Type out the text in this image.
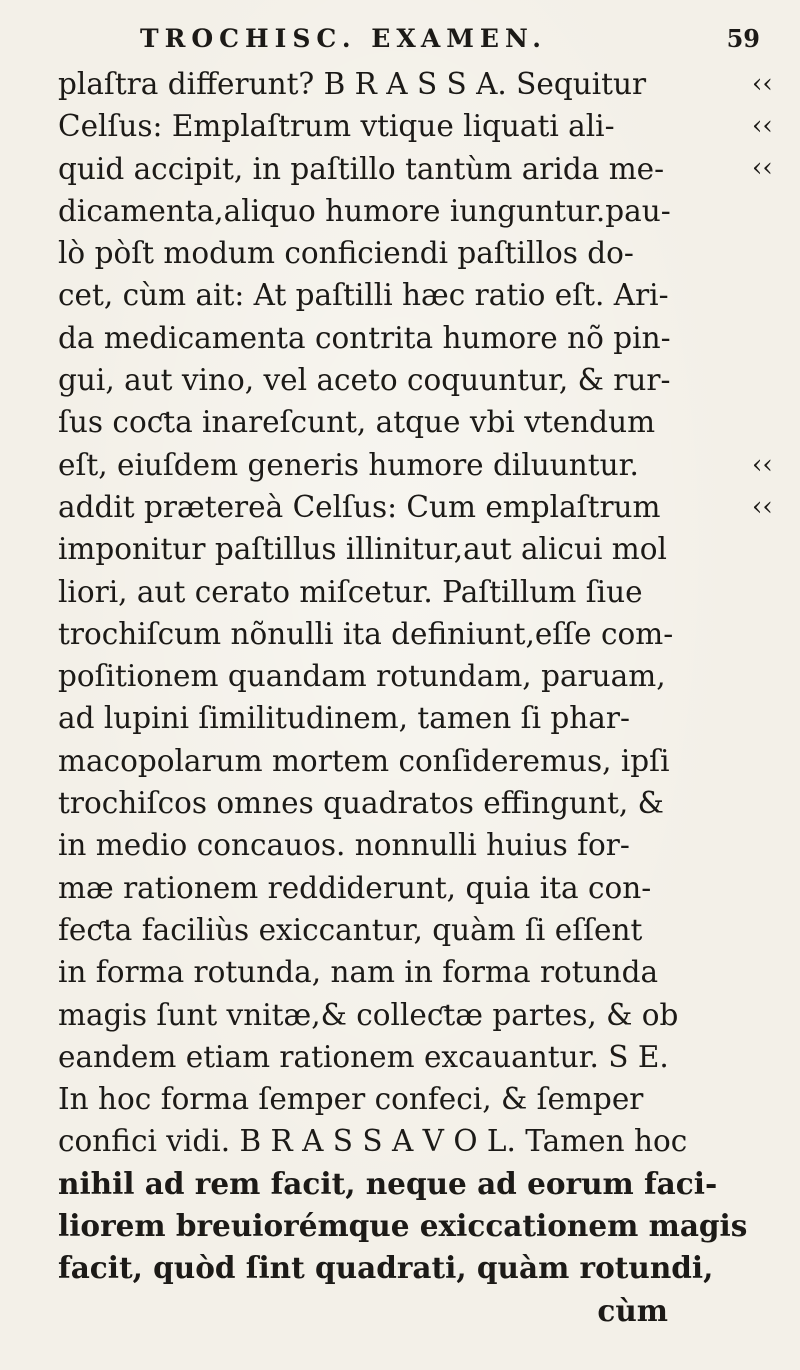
TROCHISC. EXAMEN.	59
plaſtra differunt? B R A S S A. Sequitur
Celſus: Emplaſtrum vtique liquati ali-
quid accipit, in paſtillo tantùm arida me-
dicamenta,aliquo humore iunguntur.pau-
lò pòſt modum conficiendi paſtillos do-
cet, cùm ait: At paſtilli hæc ratio eſt. Ari-
da medicamenta contrita humore nõ pin-
gui, aut vino, vel aceto coquuntur, & rur-
ſus coƈta inareſcunt, atque vbi vtendum
eſt, eiuſdem generis humore diluuntur.
addit prætereà Celſus: Cum emplaſtrum
imponitur paſtillus illinitur,aut alicui mol
liori, aut cerato miſcetur. Paſtillum ſiue
trochiſcum nõnulli ita definiunt,eſſe com-
poſitionem quandam rotundam, paruam,
ad lupini ſimilitudinem, tamen ſi phar-
macopolarum mortem conſideremus, ipſi
trochiſcos omnes quadratos effingunt, &
in medio concauos. nonnulli huius for-
mæ rationem reddiderunt, quia ita con-
feƈta faciliùs exiccantur, quàm ſi eſſent
in forma rotunda, nam in forma rotunda
magis ſunt vnitæ,& colleƈtæ partes, & ob
eandem etiam rationem excauantur. S E.
In hoc forma ſemper confeci, & ſemper
confici vidi. B R A S S A V O L. Tamen hoc
nihil ad rem facit, neque ad eorum faci-
liorem breuiorémque exiccationem magis
facit, quòd ſint quadrati, quàm rotundi,
cùm
‹‹
‹‹
‹‹
‹‹
‹‹
